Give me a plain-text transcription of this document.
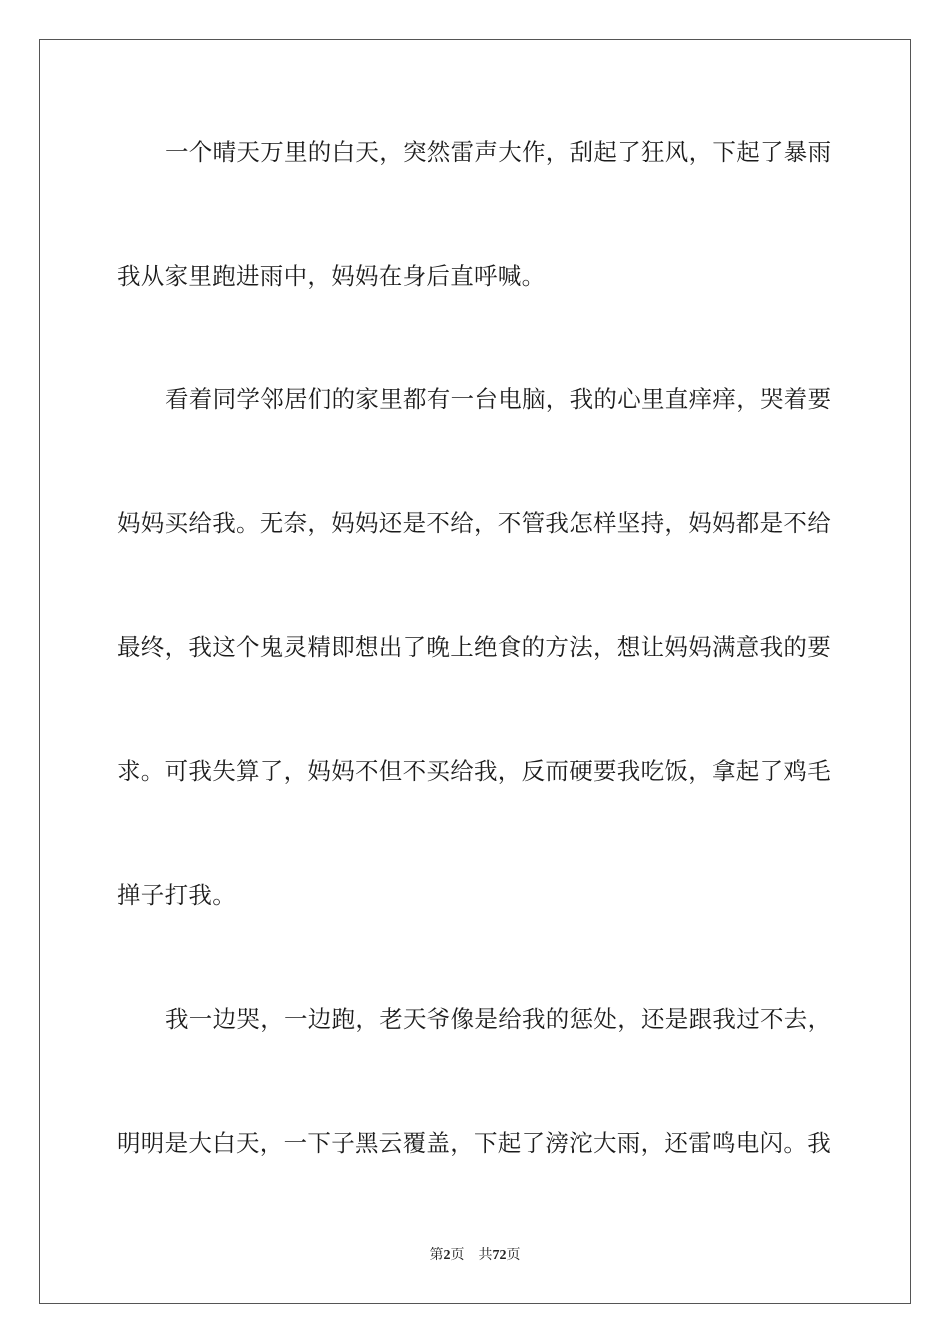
一个晴天万里的白天，突然雷声大作，刮起了狂风，下起了暴雨
我从家里跑进雨中，妈妈在身后直呼喊。
看着同学邻居们的家里都有一台电脑，我的心里直痒痒，哭着要
妈妈买给我。无奈，妈妈还是不给，不管我怎样坚持，妈妈都是不给
最终，我这个鬼灵精即想出了晚上绝食的方法，想让妈妈满意我的要
求。可我失算了，妈妈不但不买给我，反而硬要我吃饭，拿起了鸡毛
掸子打我。
我一边哭，一边跑，老天爷像是给我的惩处，还是跟我过不去，
明明是大白天，一下子黑云覆盖，下起了滂沱大雨，还雷鸣电闪。我
第2页 共72页
